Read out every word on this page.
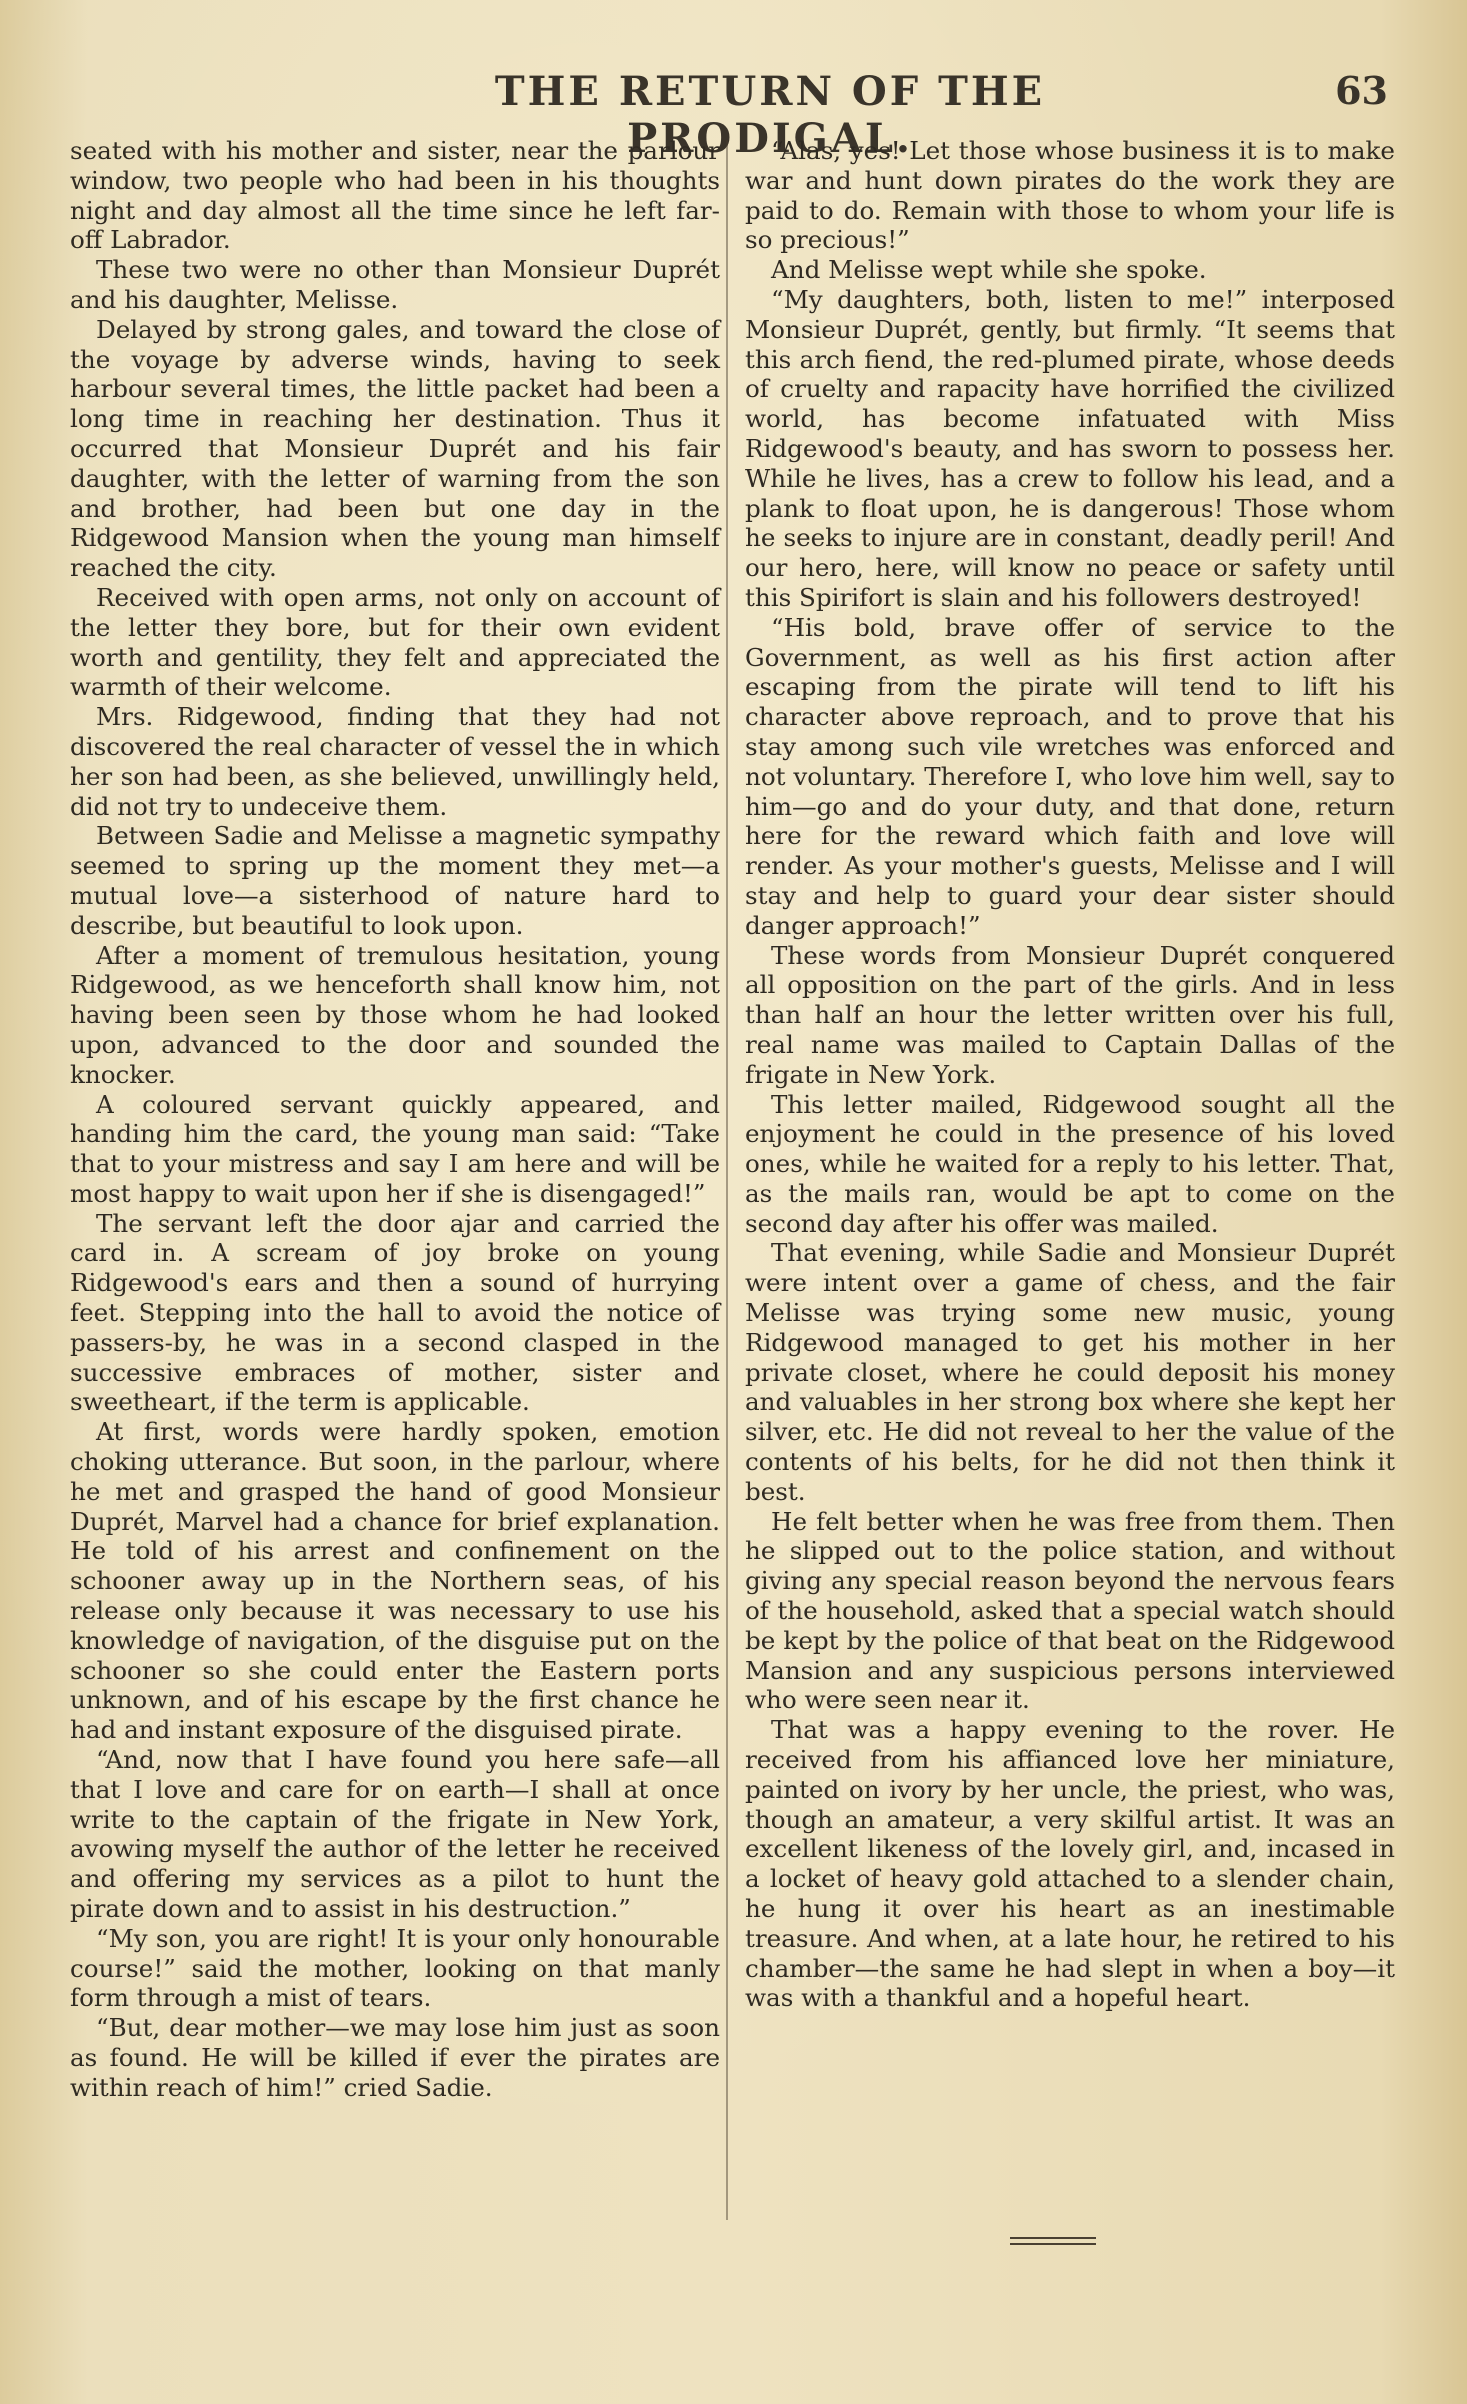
THE RETURN OF THE PRODIGAL.
63

seated with his mother and sister, near the parlour window, two people who had been in his thoughts night and day almost all the time since he left far-off Labrador.

These two were no other than Monsieur Duprét and his daughter, Melisse.

Delayed by strong gales, and toward the close of the voyage by adverse winds, having to seek harbour several times, the little packet had been a long time in reaching her destination. Thus it occurred that Monsieur Duprét and his fair daughter, with the letter of warning from the son and brother, had been but one day in the Ridgewood Mansion when the young man himself reached the city.

Received with open arms, not only on account of the letter they bore, but for their own evident worth and gentility, they felt and appreciated the warmth of their welcome.

Mrs. Ridgewood, finding that they had not discovered the real character of vessel the in which her son had been, as she believed, unwillingly held, did not try to undeceive them.

Between Sadie and Melisse a magnetic sympathy seemed to spring up the moment they met—a mutual love—a sisterhood of nature hard to describe, but beautiful to look upon.

After a moment of tremulous hesitation, young Ridgewood, as we henceforth shall know him, not having been seen by those whom he had looked upon, advanced to the door and sounded the knocker.

A coloured servant quickly appeared, and handing him the card, the young man said: “Take that to your mistress and say I am here and will be most happy to wait upon her if she is disengaged!”

The servant left the door ajar and carried the card in. A scream of joy broke on young Ridgewood's ears and then a sound of hurrying feet. Stepping into the hall to avoid the notice of passers-by, he was in a second clasped in the successive embraces of mother, sister and sweetheart, if the term is applicable.

At first, words were hardly spoken, emotion choking utterance. But soon, in the parlour, where he met and grasped the hand of good Monsieur Duprét, Marvel had a chance for brief explanation. He told of his arrest and confinement on the schooner away up in the Northern seas, of his release only because it was necessary to use his knowledge of navigation, of the disguise put on the schooner so she could enter the Eastern ports unknown, and of his escape by the first chance he had and instant exposure of the disguised pirate.

“And, now that I have found you here safe—all that I love and care for on earth—I shall at once write to the captain of the frigate in New York, avowing myself the author of the letter he received and offering my services as a pilot to hunt the pirate down and to assist in his destruction.”

“My son, you are right! It is your only honourable course!” said the mother, looking on that manly form through a mist of tears.

“But, dear mother—we may lose him just as soon as found. He will be killed if ever the pirates are within reach of him!” cried Sadie.

“Alas, yes! Let those whose business it is to make war and hunt down pirates do the work they are paid to do. Remain with those to whom your life is so precious!”

And Melisse wept while she spoke.

“My daughters, both, listen to me!” interposed Monsieur Duprét, gently, but firmly. “It seems that this arch fiend, the red-plumed pirate, whose deeds of cruelty and rapacity have horrified the civilized world, has become infatuated with Miss Ridgewood's beauty, and has sworn to possess her. While he lives, has a crew to follow his lead, and a plank to float upon, he is dangerous! Those whom he seeks to injure are in constant, deadly peril! And our hero, here, will know no peace or safety until this Spirifort is slain and his followers destroyed!

“His bold, brave offer of service to the Government, as well as his first action after escaping from the pirate will tend to lift his character above reproach, and to prove that his stay among such vile wretches was enforced and not voluntary. Therefore I, who love him well, say to him—go and do your duty, and that done, return here for the reward which faith and love will render. As your mother's guests, Melisse and I will stay and help to guard your dear sister should danger approach!”

These words from Monsieur Duprét conquered all opposition on the part of the girls. And in less than half an hour the letter written over his full, real name was mailed to Captain Dallas of the frigate in New York.

This letter mailed, Ridgewood sought all the enjoyment he could in the presence of his loved ones, while he waited for a reply to his letter. That, as the mails ran, would be apt to come on the second day after his offer was mailed.

That evening, while Sadie and Monsieur Duprét were intent over a game of chess, and the fair Melisse was trying some new music, young Ridgewood managed to get his mother in her private closet, where he could deposit his money and valuables in her strong box where she kept her silver, etc. He did not reveal to her the value of the contents of his belts, for he did not then think it best.

He felt better when he was free from them. Then he slipped out to the police station, and without giving any special reason beyond the nervous fears of the household, asked that a special watch should be kept by the police of that beat on the Ridgewood Mansion and any suspicious persons interviewed who were seen near it.

That was a happy evening to the rover. He received from his affianced love her miniature, painted on ivory by her uncle, the priest, who was, though an amateur, a very skilful artist. It was an excellent likeness of the lovely girl, and, incased in a locket of heavy gold attached to a slender chain, he hung it over his heart as an inestimable treasure. And when, at a late hour, he retired to his chamber—the same he had slept in when a boy—it was with a thankful and a hopeful heart.
